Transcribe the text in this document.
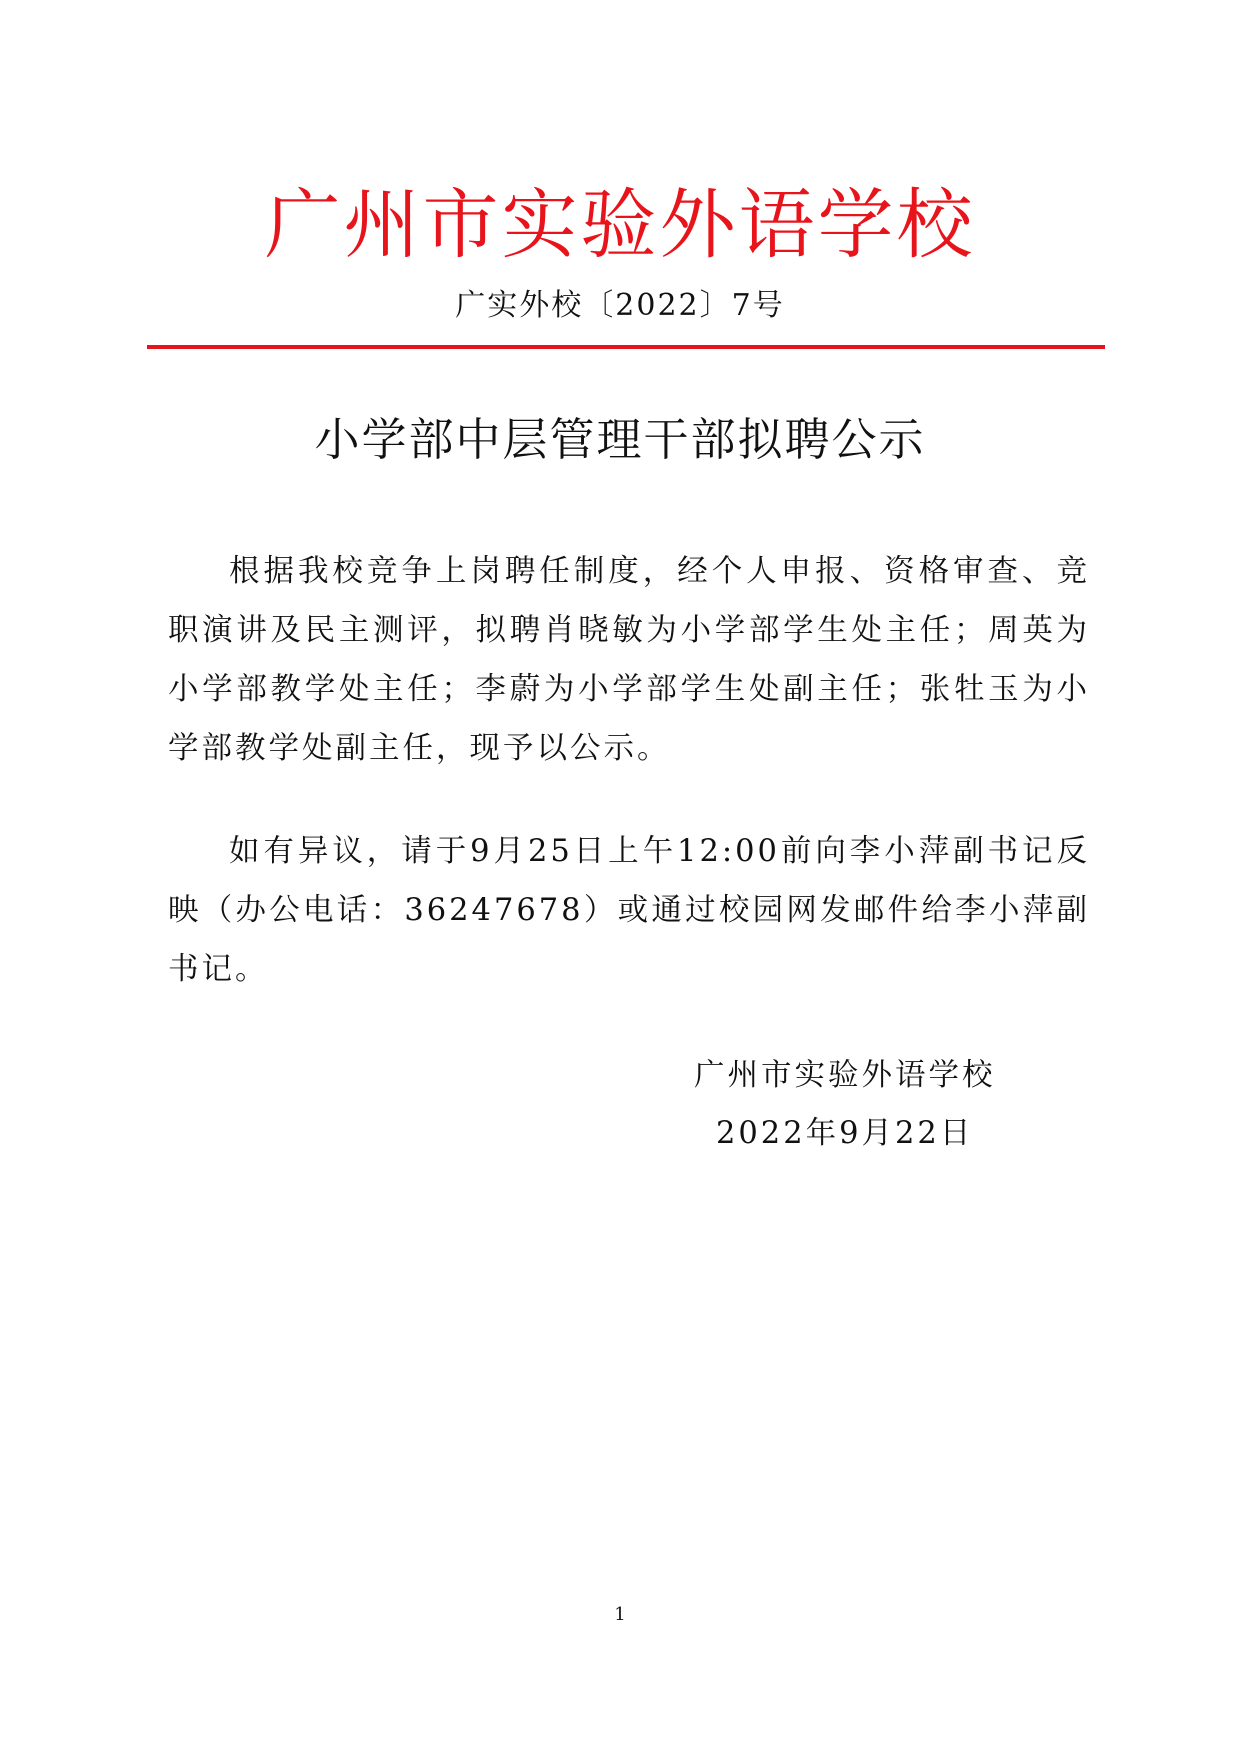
广州市实验外语学校
广实外校〔2022〕7号
小学部中层管理干部拟聘公示

根据我校竞争上岗聘任制度，经个人申报、资格审查、竞职演讲及民主测评，拟聘肖晓敏为小学部学生处主任；周英为小学部教学处主任；李蔚为小学部学生处副主任；张牡玉为小学部教学处副主任，现予以公示。

如有异议，请于9月25日上午12:00前向李小萍副书记反映（办公电话：36247678）或通过校园网发邮件给李小萍副书记。

广州市实验外语学校
2022年9月22日
1
